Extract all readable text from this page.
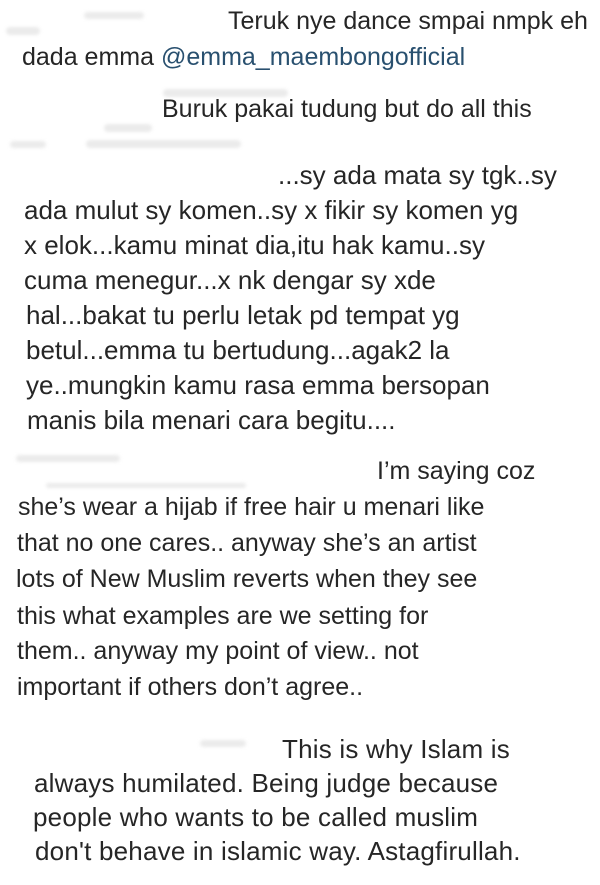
Teruk nye dance smpai nmpk eh
dada emma @emma_maembongofficial
Buruk pakai tudung but do all this
...sy ada mata sy tgk..sy
ada mulut sy komen..sy x fikir sy komen yg
x elok...kamu minat dia,itu hak kamu..sy
cuma menegur...x nk dengar sy xde
hal...bakat tu perlu letak pd tempat yg
betul...emma tu bertudung...agak2 la
ye..mungkin kamu rasa emma bersopan
manis bila menari cara begitu....
I’m saying coz
she’s wear a hijab if free hair u menari like
that no one cares.. anyway she’s an artist
lots of New Muslim reverts when they see
this what examples are we setting for
them.. anyway my point of view.. not
important if others don’t agree..
This is why Islam is
always humilated. Being judge because
people who wants to be called muslim
don't behave in islamic way. Astagfirullah.
